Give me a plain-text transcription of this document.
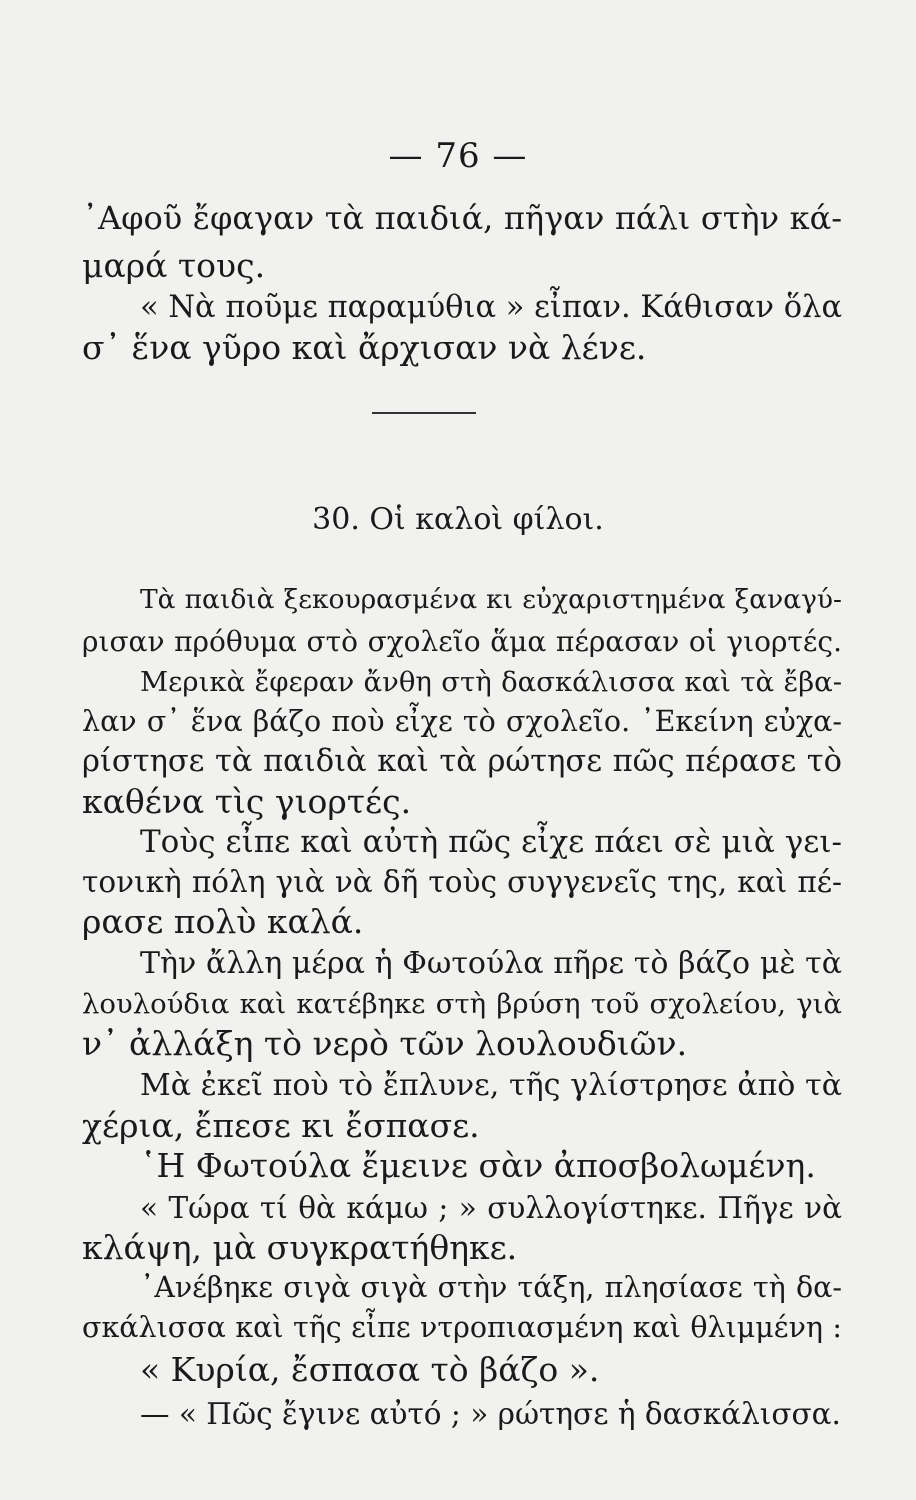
— 76 —
᾿Αφοῦ ἔφαγαν τὰ παιδιά, πῆγαν πάλι στὴν κά-
μαρά τους.
« Νὰ ποῦμε παραμύθια » εἶπαν. Κάθισαν ὅλα
σ᾿ ἕνα γῦρο καὶ ἄρχισαν νὰ λένε.
30. Οἱ καλοὶ φίλοι.
Τὰ παιδιὰ ξεκουρασμένα κι εὐχαριστημένα ξαναγύ-
ρισαν πρόθυμα στὸ σχολεῖο ἅμα πέρασαν οἱ γιορτές.
Μερικὰ ἔφεραν ἄνθη στὴ δασκάλισσα καὶ τὰ ἔβα-
λαν σ᾿ ἕνα βάζο ποὺ εἶχε τὸ σχολεῖο. ᾿Εκείνη εὐχα-
ρίστησε τὰ παιδιὰ καὶ τὰ ρώτησε πῶς πέρασε τὸ
καθένα τὶς γιορτές.
Τοὺς εἶπε καὶ αὐτὴ πῶς εἶχε πάει σὲ μιὰ γει-
τονικὴ πόλη γιὰ νὰ δῆ τοὺς συγγενεῖς της, καὶ πέ-
ρασε πολὺ καλά.
Τὴν ἄλλη μέρα ἡ Φωτούλα πῆρε τὸ βάζο μὲ τὰ
λουλούδια καὶ κατέβηκε στὴ βρύση τοῦ σχολείου, γιὰ
ν᾿ ἀλλάξη τὸ νερὸ τῶν λουλουδιῶν.
Μὰ ἐκεῖ ποὺ τὸ ἔπλυνε, τῆς γλίστρησε ἀπὸ τὰ
χέρια, ἔπεσε κι ἔσπασε.
῾Η Φωτούλα ἔμεινε σὰν ἀποσβολωμένη.
« Τώρα τί θὰ κάμω ; » συλλογίστηκε. Πῆγε νὰ
κλάψη, μὰ συγκρατήθηκε.
᾿Ανέβηκε σιγὰ σιγὰ στὴν τάξη, πλησίασε τὴ δα-
σκάλισσα καὶ τῆς εἶπε ντροπιασμένη καὶ θλιμμένη :
« Κυρία, ἔσπασα τὸ βάζο ».
— « Πῶς ἔγινε αὐτό ; » ρώτησε ἡ δασκάλισσα.
